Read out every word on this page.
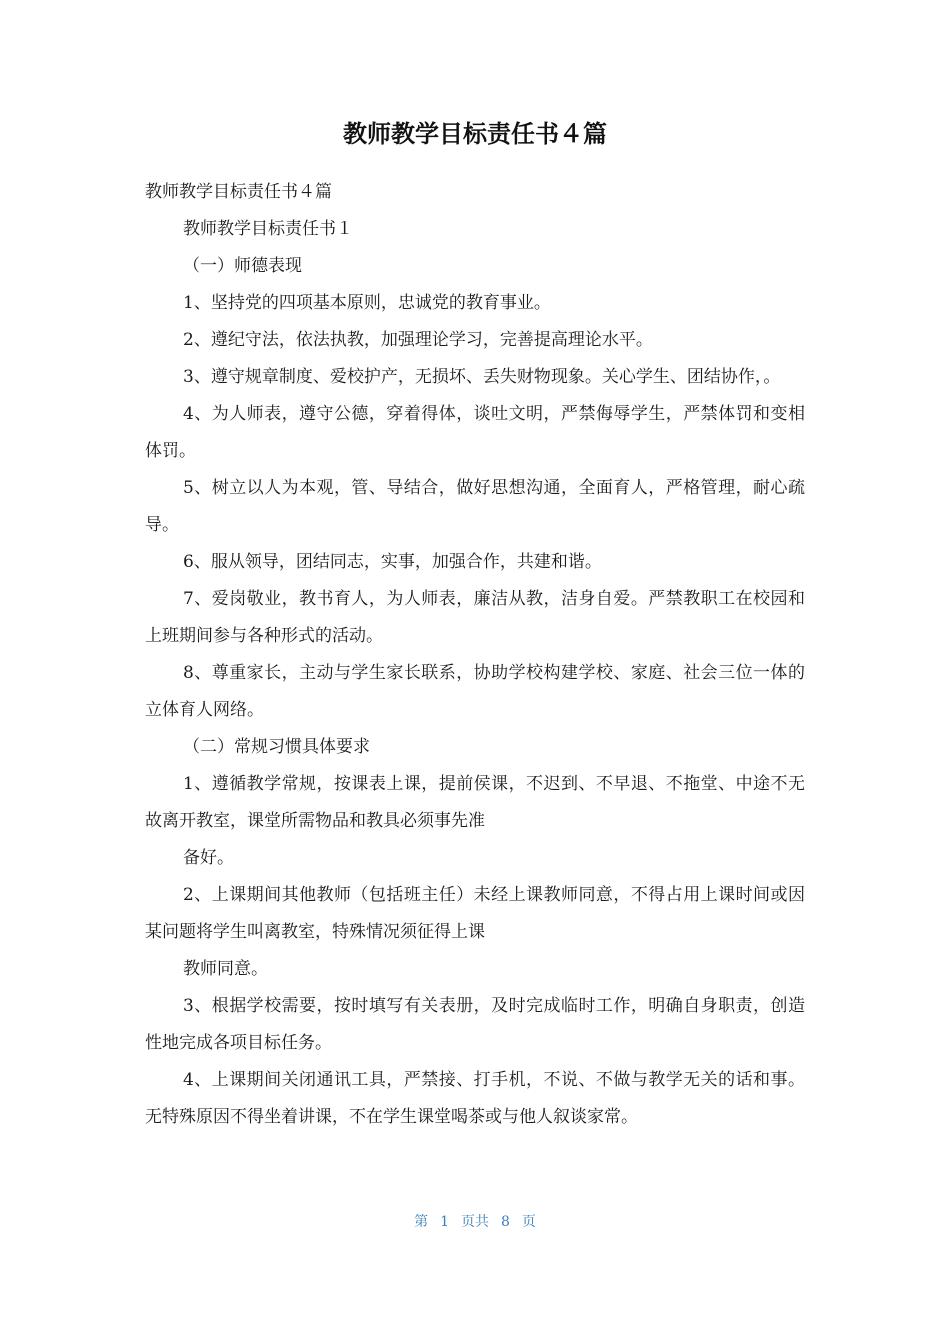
教师教学目标责任书４篇

教师教学目标责任书４篇

教师教学目标责任书１

（一）师德表现

1、坚持党的四项基本原则，忠诚党的教育事业。

2、遵纪守法，依法执教，加强理论学习，完善提高理论水平。

3、遵守规章制度、爱校护产，无损坏、丢失财物现象。关心学生、团结协作，。

4、为人师表，遵守公德，穿着得体，谈吐文明，严禁侮辱学生，严禁体罚和变相体罚。

5、树立以人为本观，管、导结合，做好思想沟通，全面育人，严格管理，耐心疏导。

6、服从领导，团结同志，实事，加强合作，共建和谐。

7、爱岗敬业，教书育人，为人师表，廉洁从教，洁身自爱。严禁教职工在校园和上班期间参与各种形式的活动。

8、尊重家长，主动与学生家长联系，协助学校构建学校、家庭、社会三位一体的立体育人网络。

（二）常规习惯具体要求

1、遵循教学常规，按课表上课，提前侯课，不迟到、不早退、不拖堂、中途不无故离开教室，课堂所需物品和教具必须事先准

备好。

2、上课期间其他教师（包括班主任）未经上课教师同意，不得占用上课时间或因某问题将学生叫离教室，特殊情况须征得上课

教师同意。

3、根据学校需要，按时填写有关表册，及时完成临时工作，明确自身职责，创造性地完成各项目标任务。

4、上课期间关闭通讯工具，严禁接、打手机，不说、不做与教学无关的话和事。无特殊原因不得坐着讲课，不在学生课堂喝茶或与他人叙谈家常。

第 1 页共 8 页
